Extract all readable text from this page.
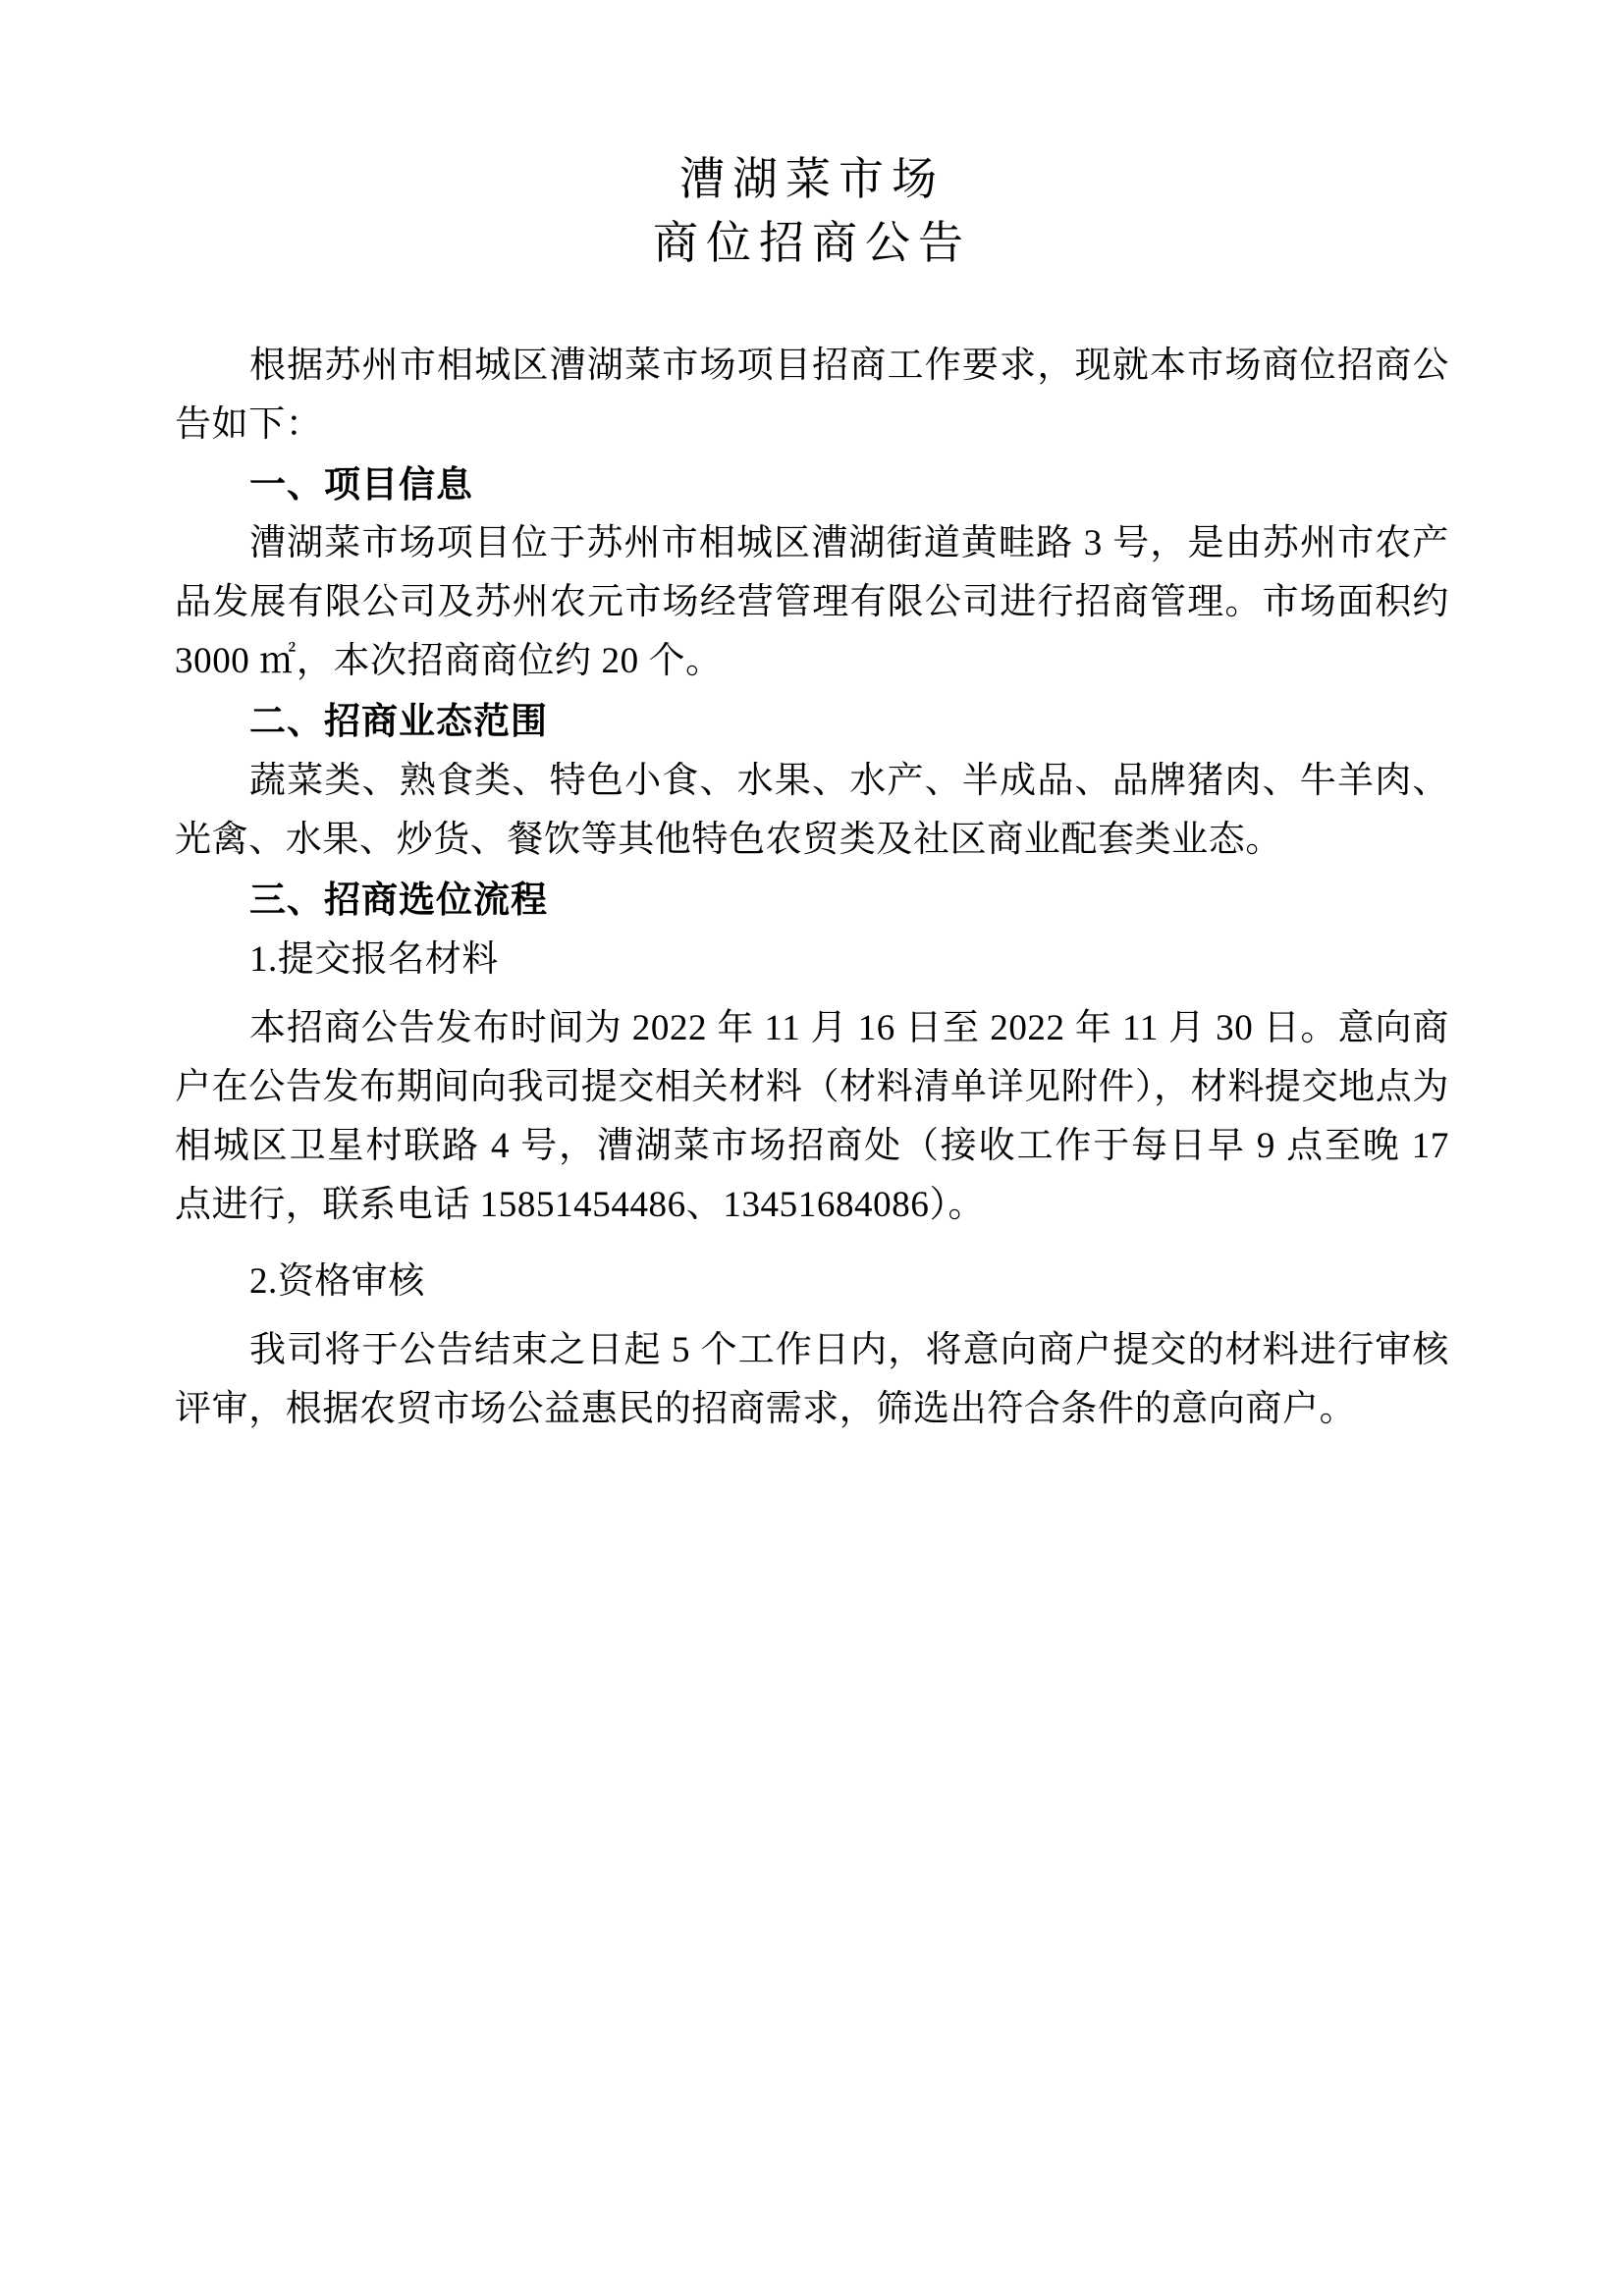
漕湖菜市场
商位招商公告

根据苏州市相城区漕湖菜市场项目招商工作要求，现就本市场商位招商公告如下：

一、项目信息

漕湖菜市场项目位于苏州市相城区漕湖街道黄畦路 3 号，是由苏州市农产品发展有限公司及苏州农元市场经营管理有限公司进行招商管理。市场面积约 3000 ㎡，本次招商商位约 20 个。

二、招商业态范围

蔬菜类、熟食类、特色小食、水果、水产、半成品、品牌猪肉、牛羊肉、光禽、水果、炒货、餐饮等其他特色农贸类及社区商业配套类业态。

三、招商选位流程

1.提交报名材料

本招商公告发布时间为 2022 年 11 月 16 日至 2022 年 11 月 30 日。意向商户在公告发布期间向我司提交相关材料（材料清单详见附件），材料提交地点为相城区卫星村联路 4 号，漕湖菜市场招商处（接收工作于每日早 9 点至晚 17 点进行，联系电话 15851454486、13451684086）。

2.资格审核

我司将于公告结束之日起 5 个工作日内，将意向商户提交的材料进行审核评审，根据农贸市场公益惠民的招商需求，筛选出符合条件的意向商户。
